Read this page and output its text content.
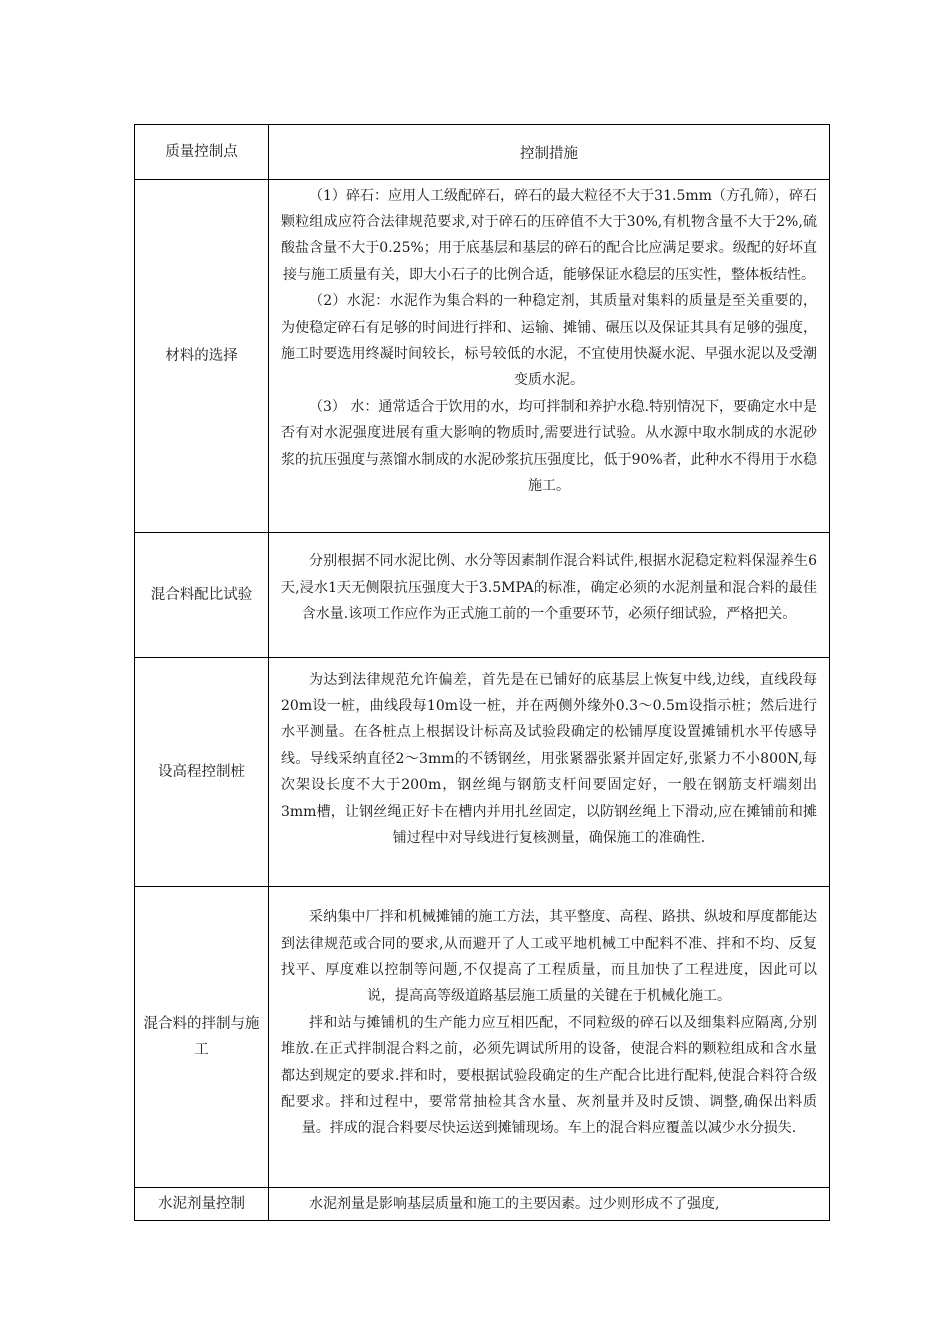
质量控制点	控制措施
材料的选择	（1）碎石：应用人工级配碎石，碎石的最大粒径不大于31.5mm（方孔筛），碎石颗粒组成应符合法律规范要求,对于碎石的压碎值不大于30%,有机物含量不大于2%,硫酸盐含量不大于0.25%；用于底基层和基层的碎石的配合比应满足要求。级配的好坏直接与施工质量有关，即大小石子的比例合适，能够保证水稳层的压实性，整体板结性。

（2）水泥：水泥作为集合料的一种稳定剂，其质量对集料的质量是至关重要的，为使稳定碎石有足够的时间进行拌和、运输、摊铺、碾压以及保证其具有足够的强度，施工时要选用终凝时间较长，标号较低的水泥，不宜使用快凝水泥、早强水泥以及受潮变质水泥。

（3） 水：通常适合于饮用的水，均可拌制和养护水稳.特别情况下，要确定水中是否有对水泥强度进展有重大影响的物质时,需要进行试验。从水源中取水制成的水泥砂浆的抗压强度与蒸馏水制成的水泥砂浆抗压强度比，低于90%者，此种水不得用于水稳施工。

混合料配比试验	分别根据不同水泥比例、水分等因素制作混合料试件,根据水泥稳定粒料保湿养生6天,浸水1天无侧限抗压强度大于3.5MPA的标准，确定必须的水泥剂量和混合料的最佳含水量.该项工作应作为正式施工前的一个重要环节，必须仔细试验，严格把关。

设高程控制桩	为达到法律规范允许偏差，首先是在已铺好的底基层上恢复中线,边线，直线段每20m设一桩，曲线段每10m设一桩，并在两侧外缘外0.3～0.5m设指示桩；然后进行水平测量。在各桩点上根据设计标高及试验段确定的松铺厚度设置摊铺机水平传感导线。导线采纳直径2～3mm的不锈钢丝，用张紧器张紧并固定好,张紧力不小800N,每次架设长度不大于200m，钢丝绳与钢筋支杆间要固定好，一般在钢筋支杆端刻出3mm槽，让钢丝绳正好卡在槽内并用扎丝固定，以防钢丝绳上下滑动,应在摊铺前和摊铺过程中对导线进行复核测量，确保施工的准确性.

混合料的拌制与施工	采纳集中厂拌和机械摊铺的施工方法，其平整度、高程、路拱、纵坡和厚度都能达到法律规范或合同的要求,从而避开了人工或平地机械工中配料不准、拌和不均、反复找平、厚度难以控制等问题,不仅提高了工程质量，而且加快了工程进度，因此可以说，提高高等级道路基层施工质量的关键在于机械化施工。

拌和站与摊铺机的生产能力应互相匹配，不同粒级的碎石以及细集料应隔离,分别堆放.在正式拌制混合料之前，必须先调试所用的设备，使混合料的颗粒组成和含水量都达到规定的要求.拌和时，要根据试验段确定的生产配合比进行配料,使混合料符合级配要求。拌和过程中，要常常抽检其含水量、灰剂量并及时反馈、调整,确保出料质量。拌成的混合料要尽快运送到摊铺现场。车上的混合料应覆盖以减少水分损失.

水泥剂量控制	水泥剂量是影响基层质量和施工的主要因素。过少则形成不了强度,
